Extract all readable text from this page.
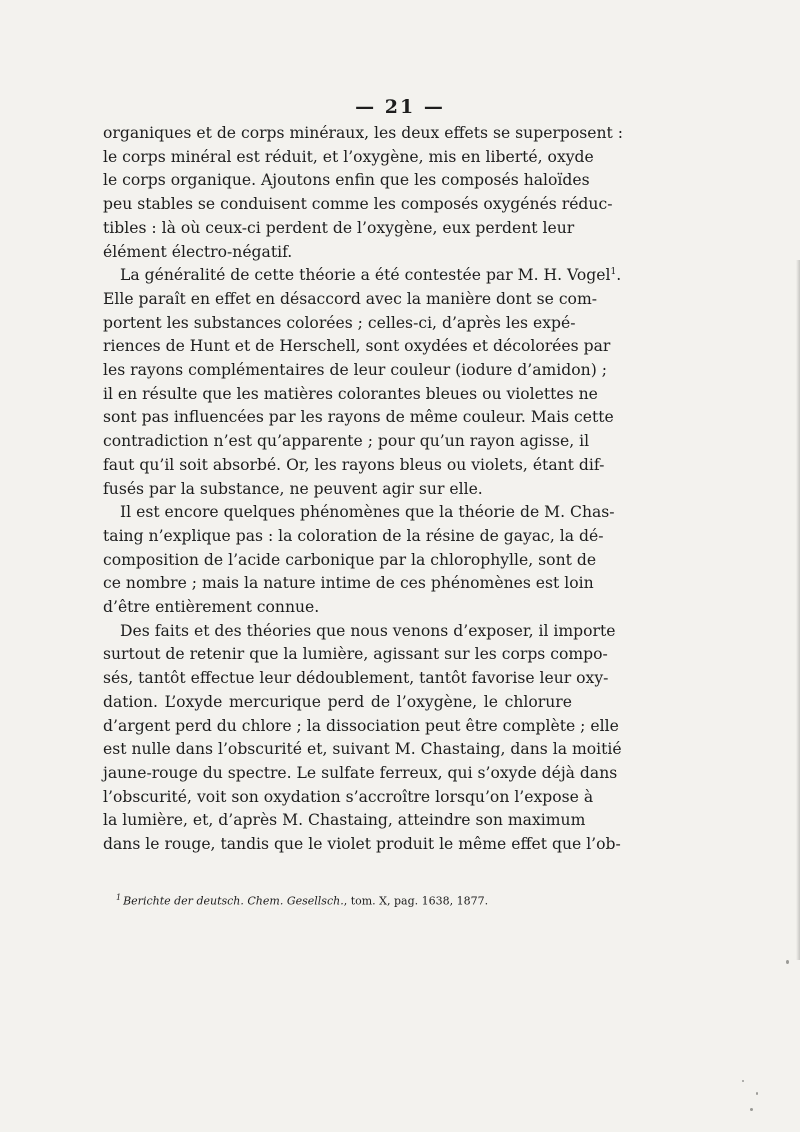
— 21 —
organiques et de corps minéraux, les deux effets se superposent :
le corps minéral est réduit, et l’oxygène, mis en liberté, oxyde
le corps organique. Ajoutons enfin que les composés haloïdes
peu stables se conduisent comme les composés oxygénés réduc-
tibles : là où ceux-ci perdent de l’oxygène, eux perdent leur
élément électro-négatif.
La généralité de cette théorie a été contestée par M. H. Vogel$^1$.
Elle paraît en effet en désaccord avec la manière dont se com-
portent les substances colorées ; celles-ci, d’après les expé-
riences de Hunt et de Herschell, sont oxydées et décolorées par
les rayons complémentaires de leur couleur (iodure d’amidon) ;
il en résulte que les matières colorantes bleues ou violettes ne
sont pas influencées par les rayons de même couleur. Mais cette
contradiction n’est qu’apparente ; pour qu’un rayon agisse, il
faut qu’il soit absorbé. Or, les rayons bleus ou violets, étant dif-
fusés par la substance, ne peuvent agir sur elle.
Il est encore quelques phénomènes que la théorie de M. Chas-
taing n’explique pas : la coloration de la résine de gayac, la dé-
composition de l’acide carbonique par la chlorophylle, sont de
ce nombre ; mais la nature intime de ces phénomènes est loin
d’être entièrement connue.
Des faits et des théories que nous venons d’exposer, il importe
surtout de retenir que la lumière, agissant sur les corps compo-
sés, tantôt effectue leur dédoublement, tantôt favorise leur oxy-
dation. L’oxyde mercurique perd de l’oxygène, le chlorure
d’argent perd du chlore ; la dissociation peut être complète ; elle
est nulle dans l’obscurité et, suivant M. Chastaing, dans la moitié
jaune-rouge du spectre. Le sulfate ferreux, qui s’oxyde déjà dans
l’obscurité, voit son oxydation s’accroître lorsqu’on l’expose à
la lumière, et, d’après M. Chastaing, atteindre son maximum
dans le rouge, tandis que le violet produit le même effet que l’ob-
$^1$ Berichte der deutsch. Chem. Gesellsch., tom. X, pag. 1638, 1877.
